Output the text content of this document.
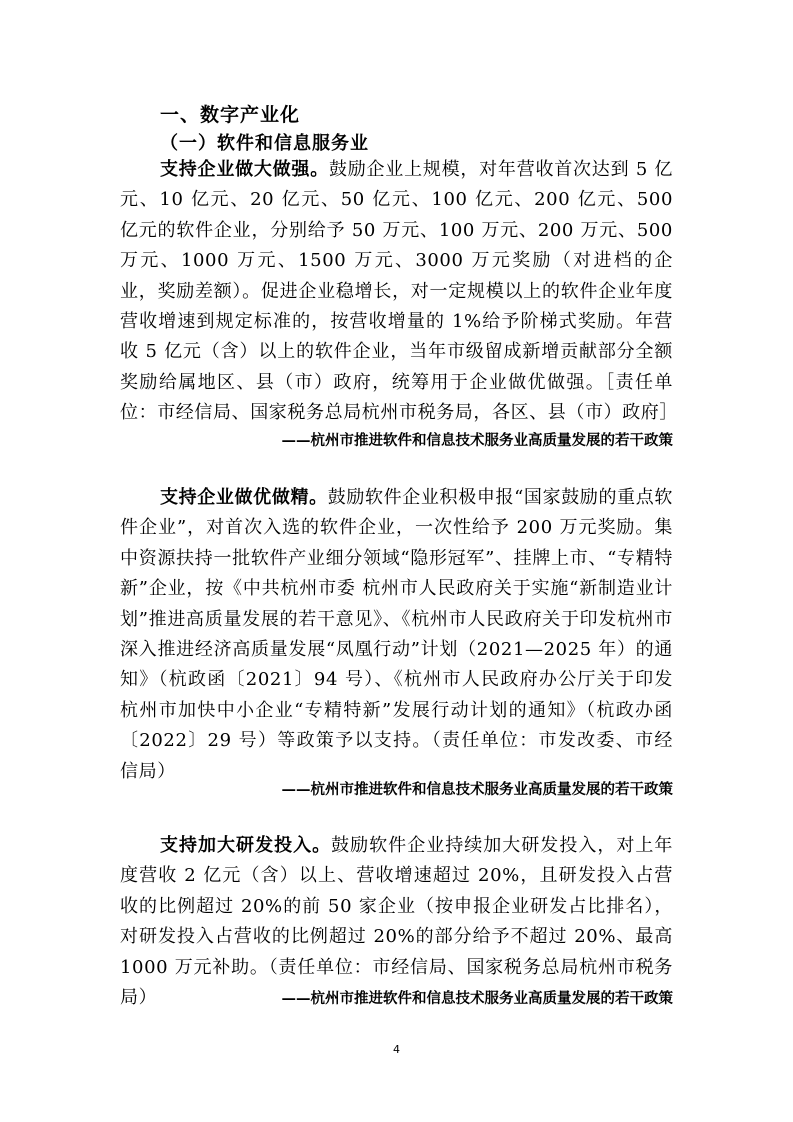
一、数字产业化
（一）软件和信息服务业

支持企业做大做强。鼓励企业上规模，对年营收首次达到 5 亿元、10 亿元、20 亿元、50 亿元、100 亿元、200 亿元、500 亿元的软件企业，分别给予 50 万元、100 万元、200 万元、500 万元、1000 万元、1500 万元、3000 万元奖励（对进档的企业，奖励差额）。促进企业稳增长，对一定规模以上的软件企业年度营收增速到规定标准的，按营收增量的 1%给予阶梯式奖励。年营收 5 亿元（含）以上的软件企业，当年市级留成新增贡献部分全额奖励给属地区、县（市）政府，统筹用于企业做优做强。［责任单位：市经信局、国家税务总局杭州市税务局，各区、县（市）政府］

——杭州市推进软件和信息技术服务业高质量发展的若干政策

支持企业做优做精。鼓励软件企业积极申报“国家鼓励的重点软件企业”，对首次入选的软件企业，一次性给予 200 万元奖励。集中资源扶持一批软件产业细分领域“隐形冠军”、挂牌上市、“专精特新”企业，按《中共杭州市委 杭州市人民政府关于实施“新制造业计划”推进高质量发展的若干意见》、《杭州市人民政府关于印发杭州市深入推进经济高质量发展“凤凰行动”计划（2021—2025 年）的通知》（杭政函〔2021〕94 号）、《杭州市人民政府办公厅关于印发杭州市加快中小企业“专精特新”发展行动计划的通知》（杭政办函〔2022〕29 号）等政策予以支持。（责任单位：市发改委、市经信局）

——杭州市推进软件和信息技术服务业高质量发展的若干政策

支持加大研发投入。鼓励软件企业持续加大研发投入，对上年度营收 2 亿元（含）以上、营收增速超过 20%，且研发投入占营收的比例超过 20%的前 50 家企业（按申报企业研发占比排名），对研发投入占营收的比例超过 20%的部分给予不超过 20%、最高 1000 万元补助。（责任单位：市经信局、国家税务总局杭州市税务局）	——杭州市推进软件和信息技术服务业高质量发展的若干政策

4
